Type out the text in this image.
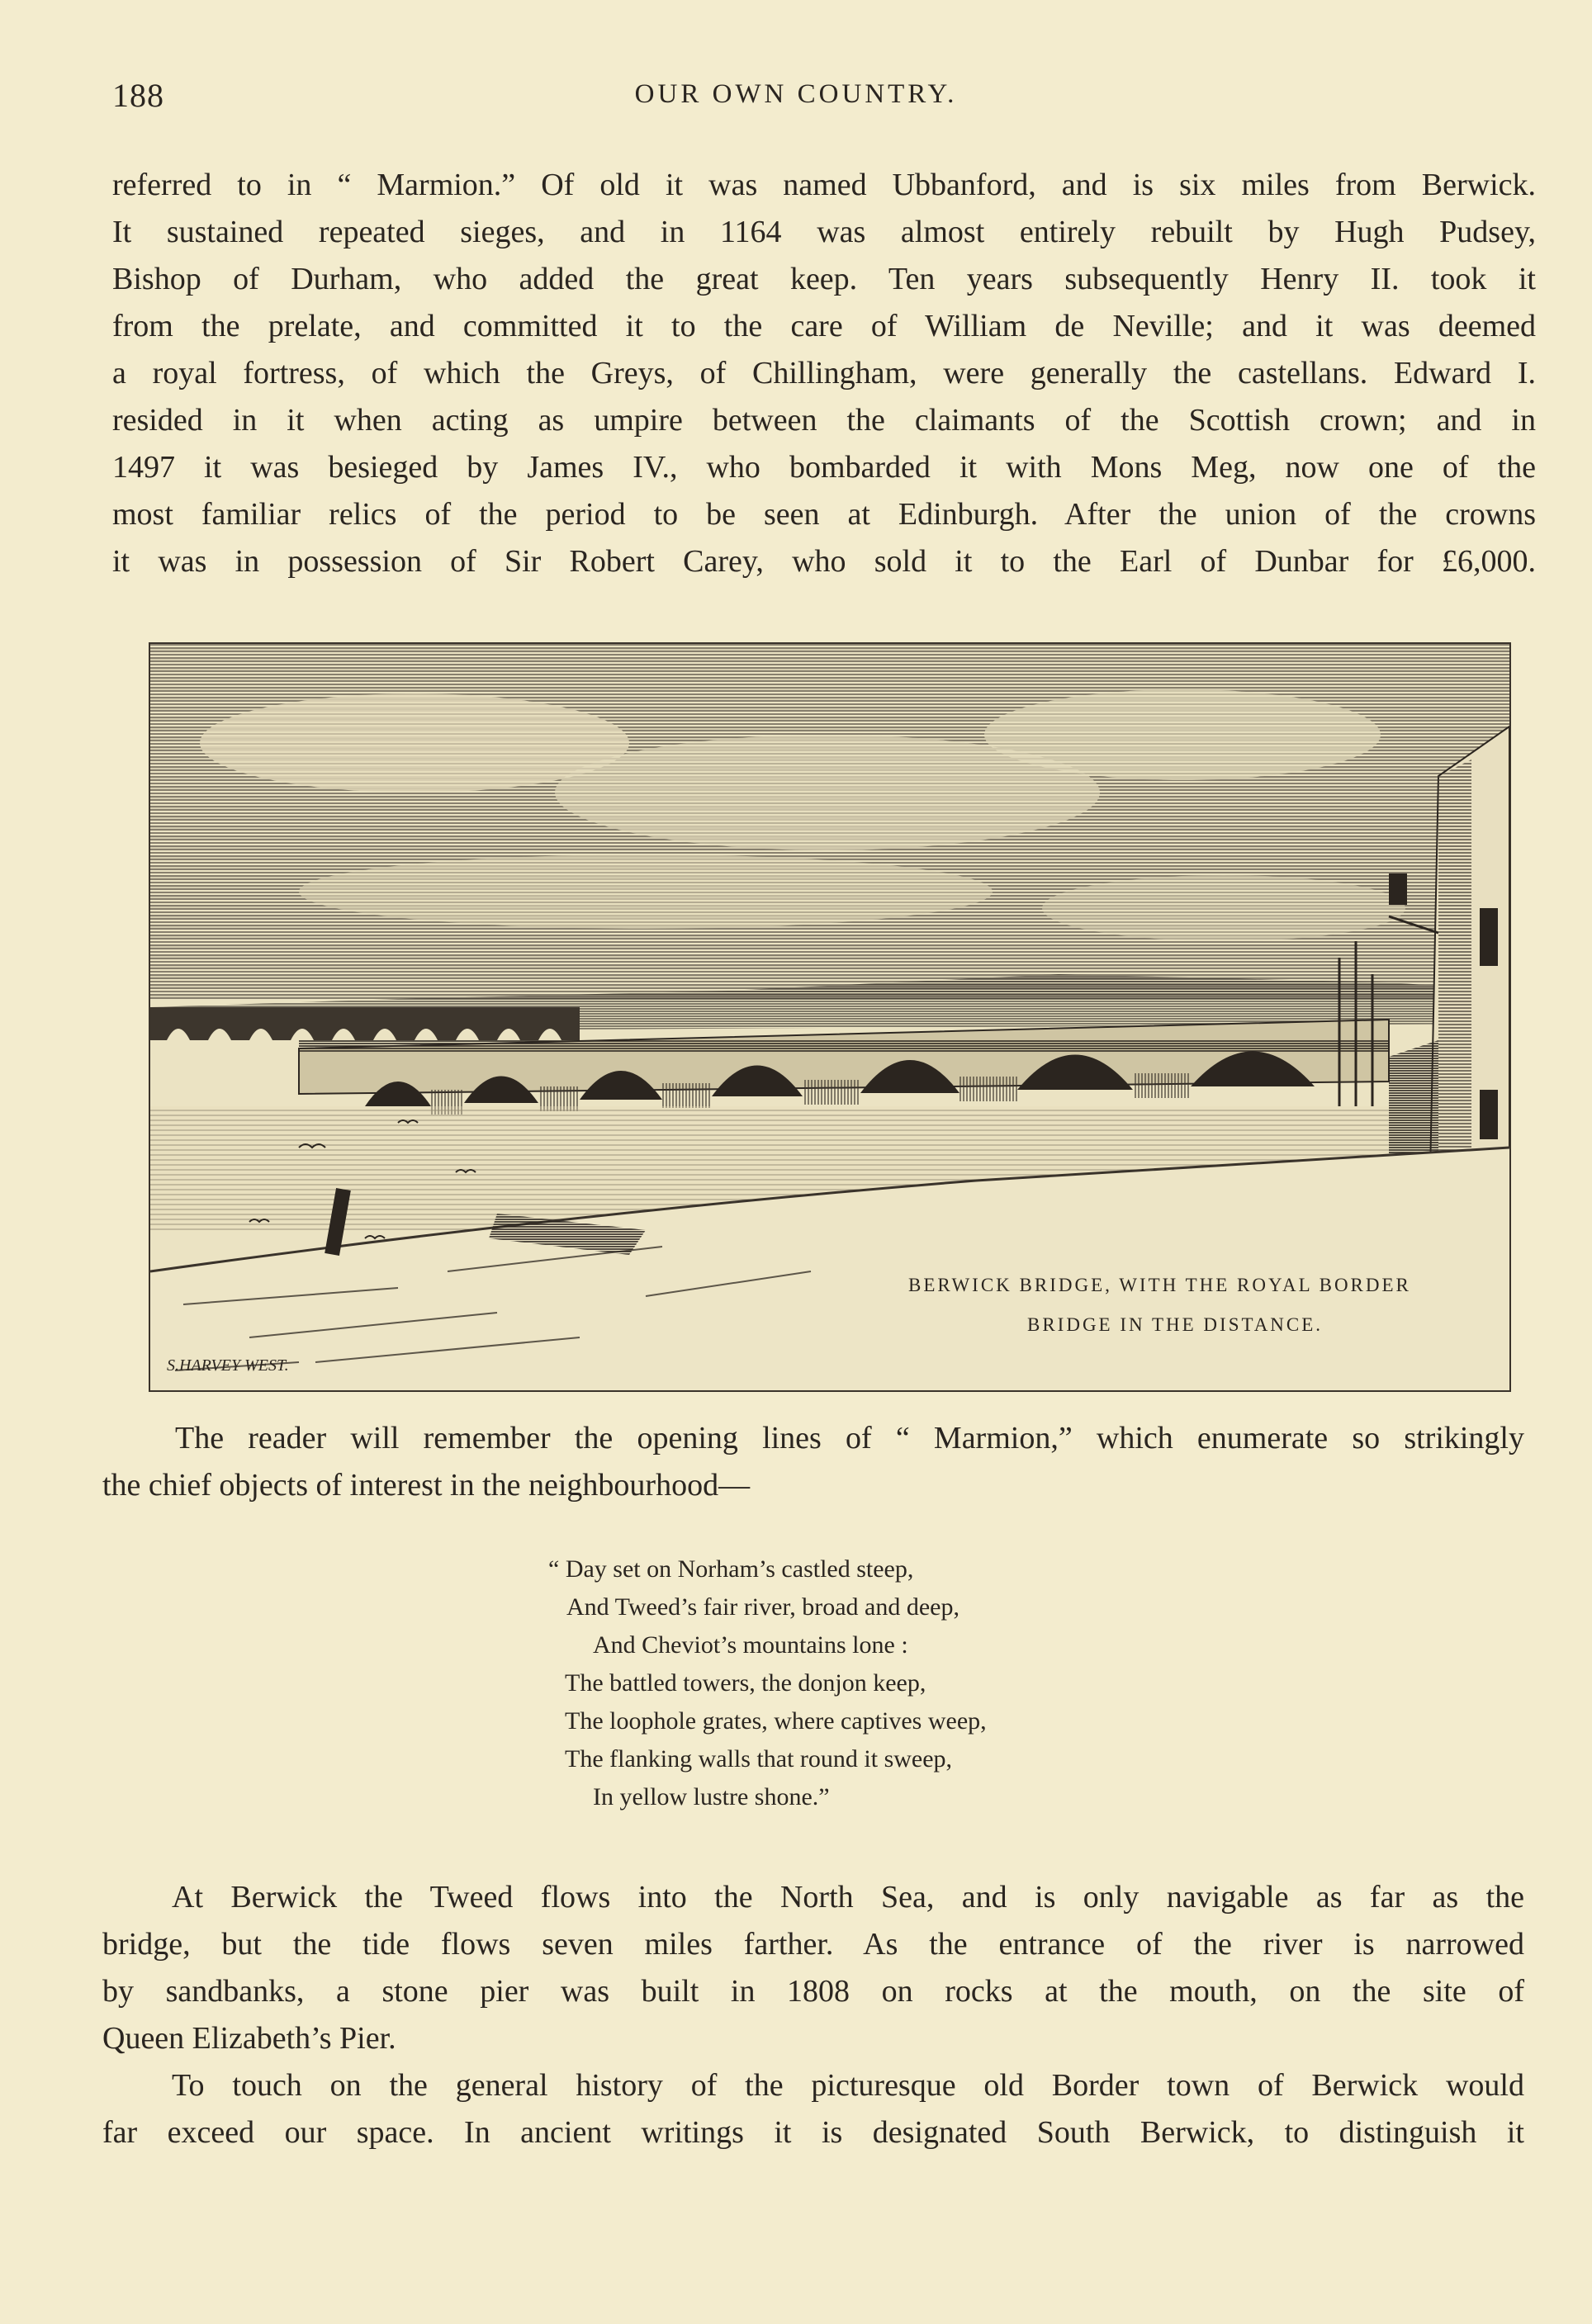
188	OUR OWN COUNTRY.
referred to in “ Marmion.” Of old it was named Ubbanford, and is six miles from Berwick.
It sustained repeated sieges, and in 1164 was almost entirely rebuilt by Hugh Pudsey,
Bishop of Durham, who added the great keep. Ten years subsequently Henry II. took it
from the prelate, and committed it to the care of William de Neville; and it was deemed
a royal fortress, of which the Greys, of Chillingham, were generally the castellans. Edward I.
resided in it when acting as umpire between the claimants of the Scottish crown; and in
1497 it was besieged by James IV., who bombarded it with Mons Meg, now one of the
most familiar relics of the period to be seen at Edinburgh. After the union of the crowns
it was in possession of Sir Robert Carey, who sold it to the Earl of Dunbar for £6,000.
S.HARVEY WEST.
BERWICK BRIDGE, WITH THE ROYAL BORDER
BRIDGE IN THE DISTANCE.
The reader will remember the opening lines of “ Marmion,” which enumerate so strikingly
the chief objects of interest in the neighbourhood—
“ Day set on Norham’s castled steep,
And Tweed’s fair river, broad and deep,
And Cheviot’s mountains lone :
The battled towers, the donjon keep,
The loophole grates, where captives weep,
The flanking walls that round it sweep,
In yellow lustre shone.”
At Berwick the Tweed flows into the North Sea, and is only navigable as far as the
bridge, but the tide flows seven miles farther. As the entrance of the river is narrowed
by sandbanks, a stone pier was built in 1808 on rocks at the mouth, on the site of
Queen Elizabeth’s Pier.
To touch on the general history of the picturesque old Border town of Berwick would
far exceed our space. In ancient writings it is designated South Berwick, to distinguish it
